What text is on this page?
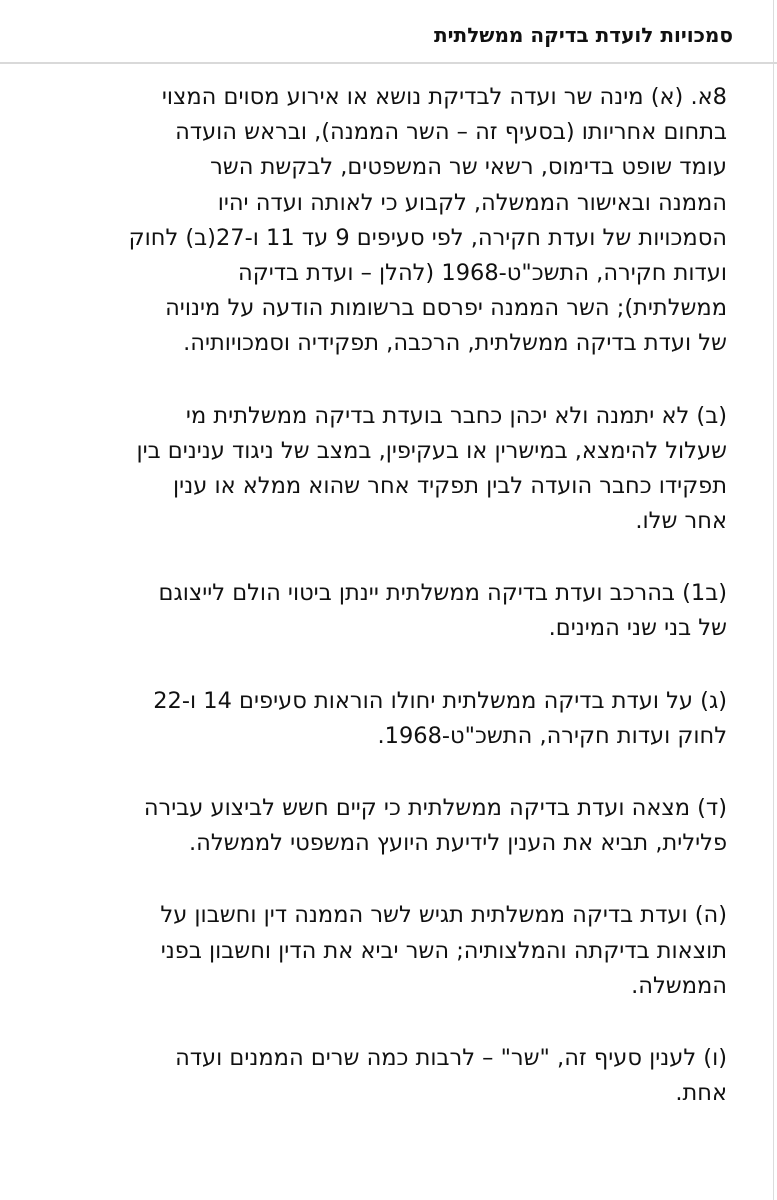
סמכויות לועדת בדיקה ממשלתית
8א. (א) מינה שר ועדה לבדיקת נושא או אירוע מסוים המצוי
בתחום אחריותו (בסעיף זה – השר הממנה), ובראש הועדה
עומד שופט בדימוס, רשאי שר המשפטים, לבקשת השר
הממנה ובאישור הממשלה, לקבוע כי לאותה ועדה יהיו
הסמכויות של ועדת חקירה, לפי סעיפים 9 עד 11 ו-27(ב) לחוק
ועדות חקירה, התשכ"ט-1968 (להלן – ועדת בדיקה
ממשלתית); השר הממנה יפרסם ברשומות הודעה על מינויה
של ועדת בדיקה ממשלתית, הרכבה, תפקידיה וסמכויותיה.
(ב) לא יתמנה ולא יכהן כחבר בועדת בדיקה ממשלתית מי
שעלול להימצא, במישרין או בעקיפין, במצב של ניגוד ענינים בין
תפקידו כחבר הועדה לבין תפקיד אחר שהוא ממלא או ענין
אחר שלו.
(ב1) בהרכב ועדת בדיקה ממשלתית יינתן ביטוי הולם לייצוגם
של בני שני המינים.
(ג) על ועדת בדיקה ממשלתית יחולו הוראות סעיפים 14 ו-22
לחוק ועדות חקירה, התשכ"ט-1968.
(ד) מצאה ועדת בדיקה ממשלתית כי קיים חשש לביצוע עבירה
פלילית, תביא את הענין לידיעת היועץ המשפטי לממשלה.
(ה) ועדת בדיקה ממשלתית תגיש לשר הממנה דין וחשבון על
תוצאות בדיקתה והמלצותיה; השר יביא את הדין וחשבון בפני
הממשלה.
(ו) לענין סעיף זה, "שר" – לרבות כמה שרים הממנים ועדה
אחת.
